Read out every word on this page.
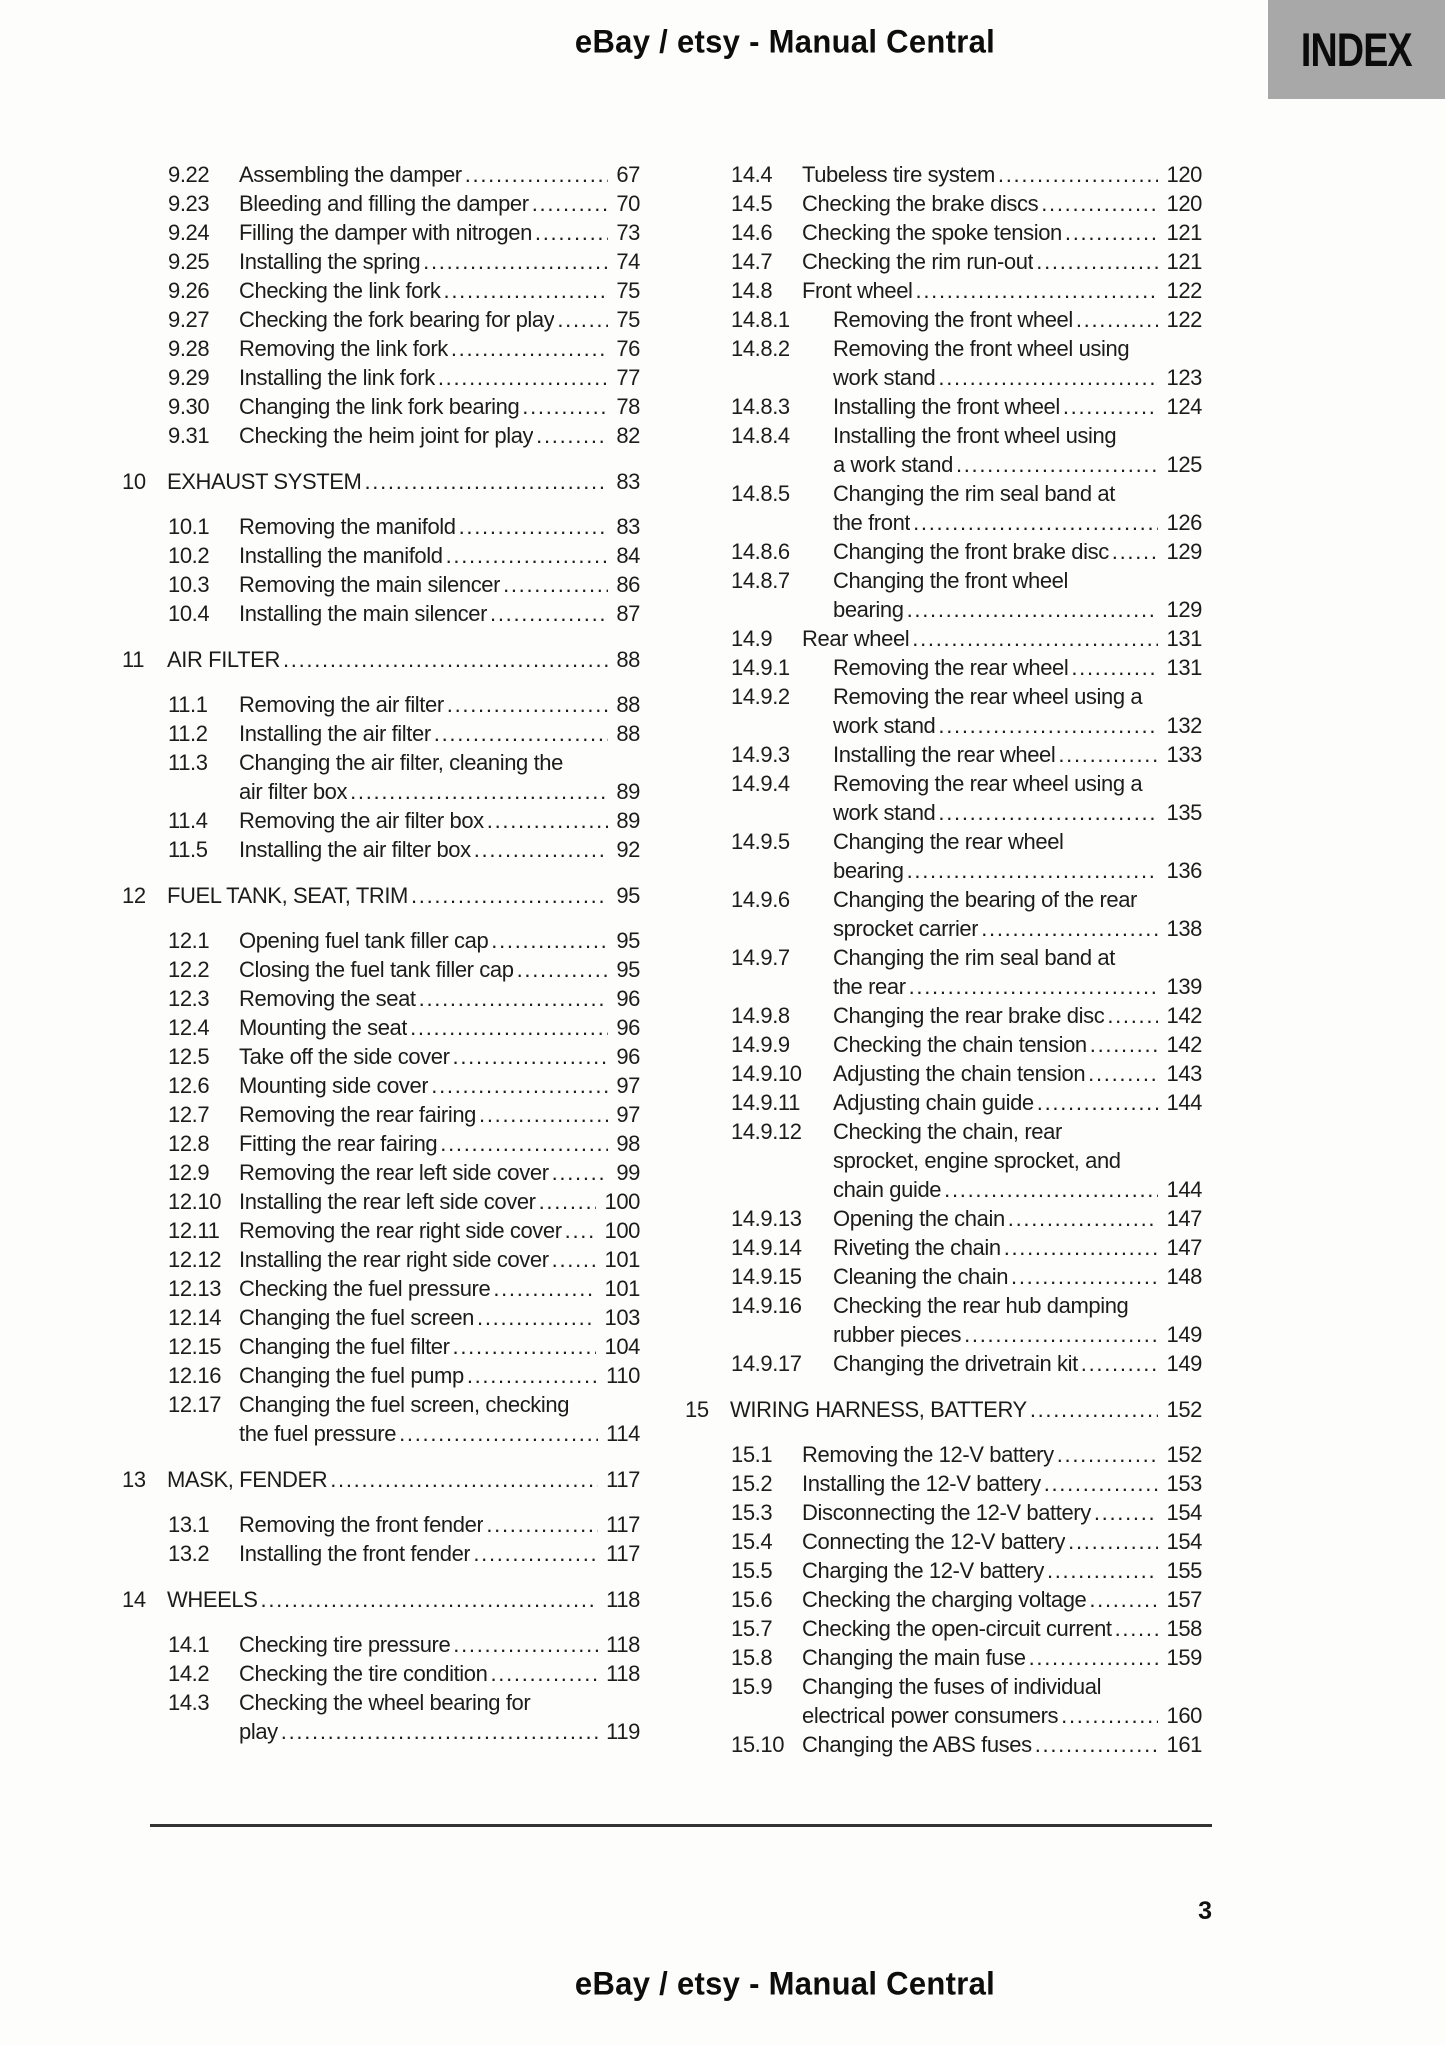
eBay / etsy - Manual Central	INDEX
9.22 Assembling the damper .....	67
9.23 Bleeding and filling the damper .....	70
9.24 Filling the damper with nitrogen .....	73
9.25 Installing the spring .....	74
9.26 Checking the link fork .....	75
9.27 Checking the fork bearing for play .....	75
9.28 Removing the link fork .....	76
9.29 Installing the link fork .....	77
9.30 Changing the link fork bearing .....	78
9.31 Checking the heim joint for play .....	82
10 EXHAUST SYSTEM .....	83
10.1 Removing the manifold .....	83
10.2 Installing the manifold .....	84
10.3 Removing the main silencer .....	86
10.4 Installing the main silencer .....	87
11 AIR FILTER .....	88
11.1 Removing the air filter .....	88
11.2 Installing the air filter .....	88
11.3 Changing the air filter, cleaning the
air filter box .....	89
11.4 Removing the air filter box .....	89
11.5 Installing the air filter box .....	92
12 FUEL TANK, SEAT, TRIM .....	95
12.1 Opening fuel tank filler cap .....	95
12.2 Closing the fuel tank filler cap .....	95
12.3 Removing the seat .....	96
12.4 Mounting the seat .....	96
12.5 Take off the side cover .....	96
12.6 Mounting side cover .....	97
12.7 Removing the rear fairing .....	97
12.8 Fitting the rear fairing .....	98
12.9 Removing the rear left side cover .....	99
12.10 Installing the rear left side cover .....	100
12.11 Removing the rear right side cover ..... 100
12.12 Installing the rear right side cover .....	101
12.13 Checking the fuel pressure .....	101
12.14 Changing the fuel screen .....	103
12.15 Changing the fuel filter .....	104
12.16 Changing the fuel pump .....	110
12.17 Changing the fuel screen, checking
the fuel pressure .....	114
13 MASK, FENDER .....	117
13.1 Removing the front fender .....	117
13.2 Installing the front fender .....	117
14 WHEELS .....	118
14.1 Checking tire pressure .....	118
14.2 Checking the tire condition .....	118
14.3 Checking the wheel bearing for
play .....	119
14.4 Tubeless tire system .....	120
14.5 Checking the brake discs .....	120
14.6 Checking the spoke tension .....	121
14.7 Checking the rim run-out .....	121
14.8 Front wheel .....	122
14.8.1 Removing the front wheel .....	122
14.8.2 Removing the front wheel using
work stand .....	123
14.8.3 Installing the front wheel .....	124
14.8.4 Installing the front wheel using
a work stand .....	125
14.8.5 Changing the rim seal band at
the front .....	126
14.8.6 Changing the front brake disc .....	129
14.8.7 Changing the front wheel
bearing .....	129
14.9 Rear wheel .....	131
14.9.1 Removing the rear wheel .....	131
14.9.2 Removing the rear wheel using a
work stand .....	132
14.9.3 Installing the rear wheel .....	133
14.9.4 Removing the rear wheel using a
work stand .....	135
14.9.5 Changing the rear wheel
bearing .....	136
14.9.6 Changing the bearing of the rear
sprocket carrier .....	138
14.9.7 Changing the rim seal band at
the rear .....	139
14.9.8 Changing the rear brake disc .....	142
14.9.9 Checking the chain tension .....	142
14.9.10 Adjusting the chain tension .....	143
14.9.11 Adjusting chain guide .....	144
14.9.12 Checking the chain, rear
sprocket, engine sprocket, and
chain guide .....	144
14.9.13 Opening the chain .....	147
14.9.14 Riveting the chain .....	147
14.9.15 Cleaning the chain .....	148
14.9.16 Checking the rear hub damping
rubber pieces .....	149
14.9.17 Changing the drivetrain kit .....	149
15 WIRING HARNESS, BATTERY .....	152
15.1 Removing the 12-V battery .....	152
15.2 Installing the 12-V battery .....	153
15.3 Disconnecting the 12-V battery .....	154
15.4 Connecting the 12-V battery .....	154
15.5 Charging the 12-V battery .....	155
15.6 Checking the charging voltage .....	157
15.7 Checking the open-circuit current ..... 158
15.8 Changing the main fuse .....	159
15.9 Changing the fuses of individual
electrical power consumers .....	160
15.10 Changing the ABS fuses .....	161
3
eBay / etsy - Manual Central
